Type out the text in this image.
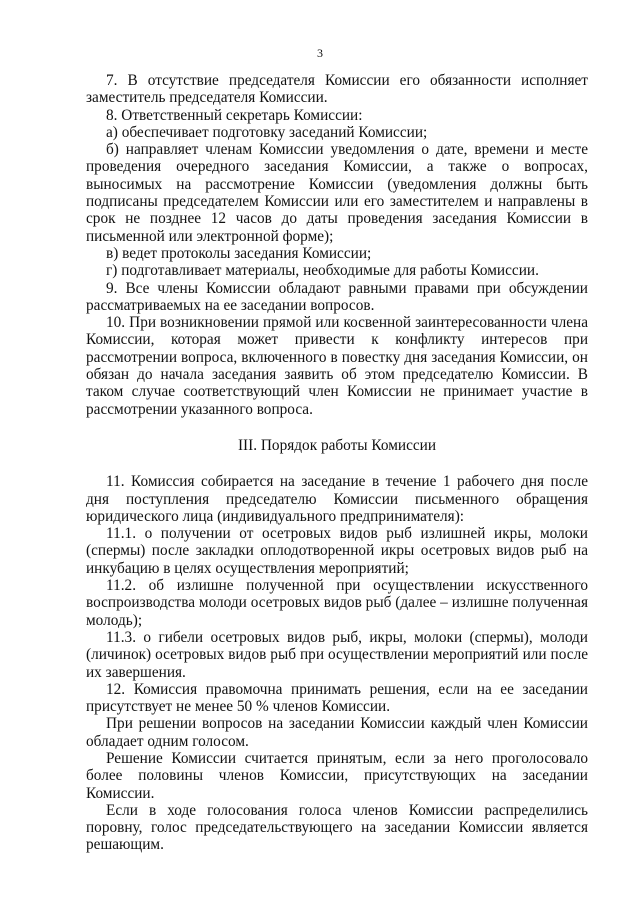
3

7. В отсутствие председателя Комиссии его обязанности исполняет заместитель председателя Комиссии.

8. Ответственный секретарь Комиссии:

а) обеспечивает подготовку заседаний Комиссии;

б) направляет членам Комиссии уведомления о дате, времени и месте проведения очередного заседания Комиссии, а также о вопросах, выносимых на рассмотрение Комиссии (уведомления должны быть подписаны председателем Комиссии или его заместителем и направлены в срок не позднее 12 часов до даты проведения заседания Комиссии в письменной или электронной форме);

в) ведет протоколы заседания Комиссии;

г) подготавливает материалы, необходимые для работы Комиссии.

9. Все члены Комиссии обладают равными правами при обсуждении рассматриваемых на ее заседании вопросов.

10. При возникновении прямой или косвенной заинтересованности члена Комиссии, которая может привести к конфликту интересов при рассмотрении вопроса, включенного в повестку дня заседания Комиссии, он обязан до начала заседания заявить об этом председателю Комиссии. В таком случае соответствующий член Комиссии не принимает участие в рассмотрении указанного вопроса.

III. Порядок работы Комиссии

11. Комиссия собирается на заседание в течение 1 рабочего дня после дня поступления председателю Комиссии письменного обращения юридического лица (индивидуального предпринимателя):

11.1. о получении от осетровых видов рыб излишней икры, молоки (спермы) после закладки оплодотворенной икры осетровых видов рыб на инкубацию в целях осуществления мероприятий;

11.2. об излишне полученной при осуществлении искусственного воспроизводства молоди осетровых видов рыб (далее – излишне полученная молодь);

11.3. о гибели осетровых видов рыб, икры, молоки (спермы), молоди (личинок) осетровых видов рыб при осуществлении мероприятий или после их завершения.

12. Комиссия правомочна принимать решения, если на ее заседании присутствует не менее 50 % членов Комиссии.

При решении вопросов на заседании Комиссии каждый член Комиссии обладает одним голосом.

Решение Комиссии считается принятым, если за него проголосовало более половины членов Комиссии, присутствующих на заседании Комиссии.

Если в ходе голосования голоса членов Комиссии распределились поровну, голос председательствующего на заседании Комиссии является решающим.
